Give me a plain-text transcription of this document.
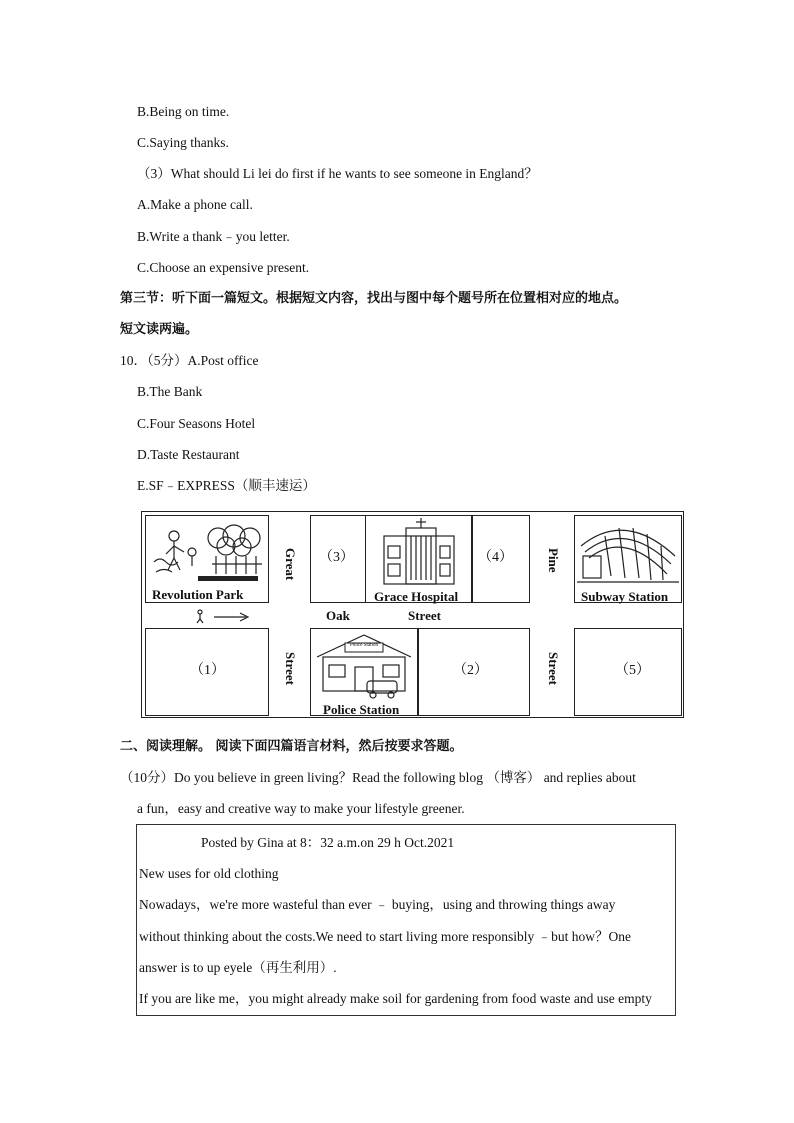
B.Being on time.
C.Saying thanks.
（3）What should Li lei do first if he wants to see someone in England？
A.Make a phone call.
B.Write a thank﹣you letter.
C.Choose an expensive present.
第三节：听下面一篇短文。根据短文内容，找出与图中每个题号所在位置相对应的地点。
短文读两遍。
10．（5分）A.Post office
B.The Bank
C.Four Seasons Hotel
D.Taste Restaurant
E.SF﹣EXPRESS（顺丰速运）
Revolution Park
（3）
Grace Hospital
（4）
Subway Station
（1）
Police Station
Police Station
（2）	（5）
Great
Street
Pine
Street
Oak	Street
二、阅读理解。 阅读下面四篇语言材料，然后按要求答题。
（10分）Do you believe in green living？Read the following blog （博客） and replies about
a fun，easy and creative way to make your lifestyle greener.
Posted by Gina at 8：32 a.m.on 29 h Oct.2021
New uses for old clothing
Nowadays，we're more wasteful than ever ﹣ buying，using and throwing things away
without thinking about the costs.We need to start living more responsibly ﹣but how？One
answer is to up eyele（再生利用）.
If you are like me，you might already make soil for gardening from food waste and use empty
